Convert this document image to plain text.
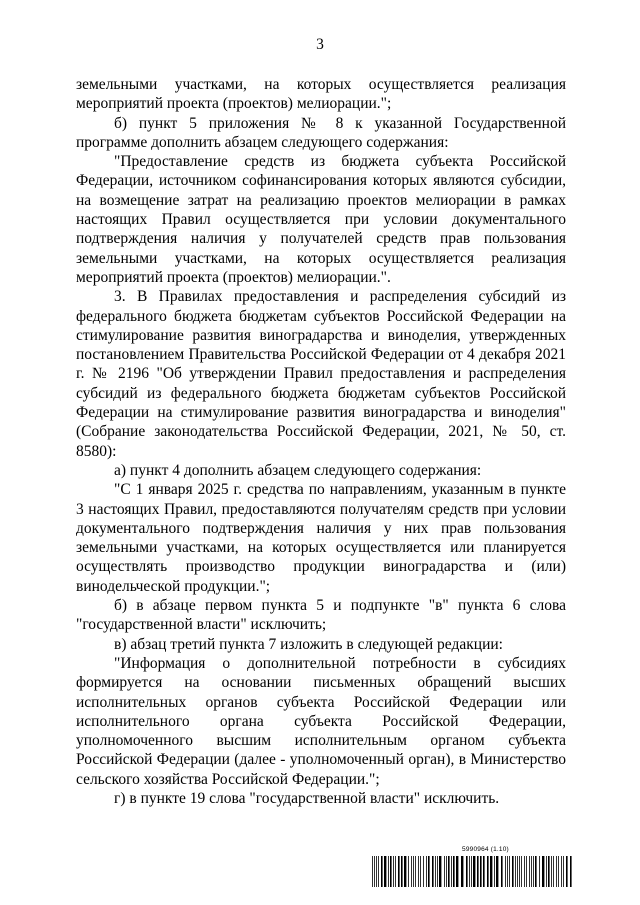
3

земельными участками, на которых осуществляется реализация мероприятий проекта (проектов) мелиорации.";

б) пункт 5 приложения № 8 к указанной Государственной программе дополнить абзацем следующего содержания:

"Предоставление средств из бюджета субъекта Российской Федерации, источником софинансирования которых являются субсидии, на возмещение затрат на реализацию проектов мелиорации в рамках настоящих Правил осуществляется при условии документального подтверждения наличия у получателей средств прав пользования земельными участками, на которых осуществляется реализация мероприятий проекта (проектов) мелиорации.".

3. В Правилах предоставления и распределения субсидий из федерального бюджета бюджетам субъектов Российской Федерации на стимулирование развития виноградарства и виноделия, утвержденных постановлением Правительства Российской Федерации от 4 декабря 2021 г. № 2196 "Об утверждении Правил предоставления и распределения субсидий из федерального бюджета бюджетам субъектов Российской Федерации на стимулирование развития виноградарства и виноделия" (Собрание законодательства Российской Федерации, 2021, № 50, ст. 8580):

а) пункт 4 дополнить абзацем следующего содержания:

"С 1 января 2025 г. средства по направлениям, указанным в пункте 3 настоящих Правил, предоставляются получателям средств при условии документального подтверждения наличия у них прав пользования земельными участками, на которых осуществляется или планируется осуществлять производство продукции виноградарства и (или) винодельческой продукции.";

б) в абзаце первом пункта 5 и подпункте "в" пункта 6 слова "государственной власти" исключить;

в) абзац третий пункта 7 изложить в следующей редакции:

"Информация о дополнительной потребности в субсидиях формируется на основании письменных обращений высших исполнительных органов субъекта Российской Федерации или исполнительного органа субъекта Российской Федерации, уполномоченного высшим исполнительным органом субъекта Российской Федерации (далее - уполномоченный орган), в Министерство сельского хозяйства Российской Федерации.";

г) в пункте 19 слова "государственной власти" исключить.

5990964 (1.10)
